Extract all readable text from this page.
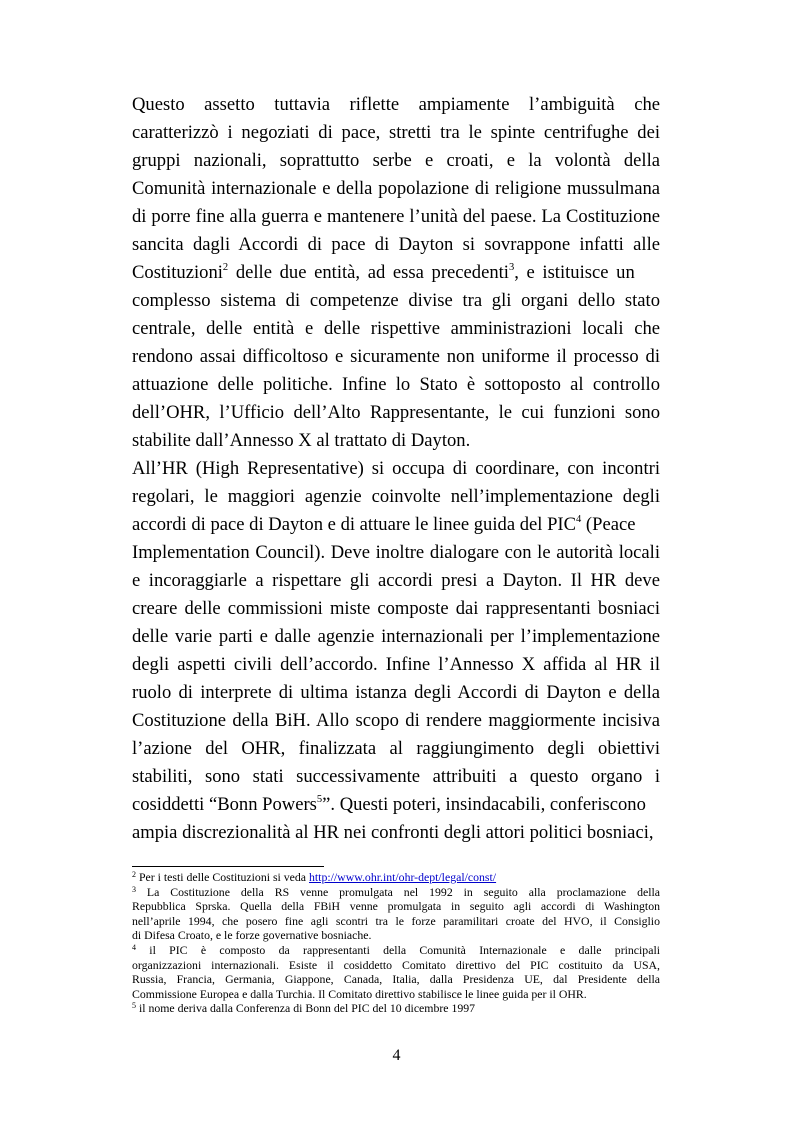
Questo assetto tuttavia riflette ampiamente l’ambiguità che
caratterizzò i negoziati di pace, stretti tra le spinte centrifughe dei
gruppi nazionali, soprattutto serbe e croati, e la volontà della
Comunità internazionale e della popolazione di religione mussulmana
di porre fine alla guerra e mantenere l’unità del paese. La Costituzione
sancita dagli Accordi di pace di Dayton si sovrappone infatti alle
Costituzioni$^2$ delle due entità, ad essa precedenti$^3$, e istituisce un
complesso sistema di competenze divise tra gli organi dello stato
centrale, delle entità e delle rispettive amministrazioni locali che
rendono assai difficoltoso e sicuramente non uniforme il processo di
attuazione delle politiche. Infine lo Stato è sottoposto al controllo
dell’OHR, l’Ufficio dell’Alto Rappresentante, le cui funzioni sono
stabilite dall’Annesso X al trattato di Dayton.
All’HR (High Representative) si occupa di coordinare, con incontri
regolari, le maggiori agenzie coinvolte nell’implementazione degli
accordi di pace di Dayton e di attuare le linee guida del PIC$^4$ (Peace
Implementation Council). Deve inoltre dialogare con le autorità locali
e incoraggiarle a rispettare gli accordi presi a Dayton. Il HR deve
creare delle commissioni miste composte dai rappresentanti bosniaci
delle varie parti e dalle agenzie internazionali per l’implementazione
degli aspetti civili dell’accordo. Infine l’Annesso X affida al HR il
ruolo di interprete di ultima istanza degli Accordi di Dayton e della
Costituzione della BiH. Allo scopo di rendere maggiormente incisiva
l’azione del OHR, finalizzata al raggiungimento degli obiettivi
stabiliti, sono stati successivamente attribuiti a questo organo i
cosiddetti “Bonn Powers$^5$”. Questi poteri, insindacabili, conferiscono
ampia discrezionalità al HR nei confronti degli attori politici bosniaci,
$^2$ Per i testi delle Costituzioni si veda http://www.ohr.int/ohr-dept/legal/const/
$^3$ La Costituzione della RS venne promulgata nel 1992 in seguito alla proclamazione della
Repubblica Sprska. Quella della FBiH venne promulgata in seguito agli accordi di Washington
nell’aprile 1994, che posero fine agli scontri tra le forze paramilitari croate del HVO, il Consiglio
di Difesa Croato, e le forze governative bosniache.
$^4$ il PIC è composto da rappresentanti della Comunità Internazionale e dalle principali
organizzazioni internazionali. Esiste il cosiddetto Comitato direttivo del PIC costituito da USA,
Russia, Francia, Germania, Giappone, Canada, Italia, dalla Presidenza UE, dal Presidente della
Commissione Europea e dalla Turchia. Il Comitato direttivo stabilisce le linee guida per il OHR.
$^5$ il nome deriva dalla Conferenza di Bonn del PIC del 10 dicembre 1997
4
